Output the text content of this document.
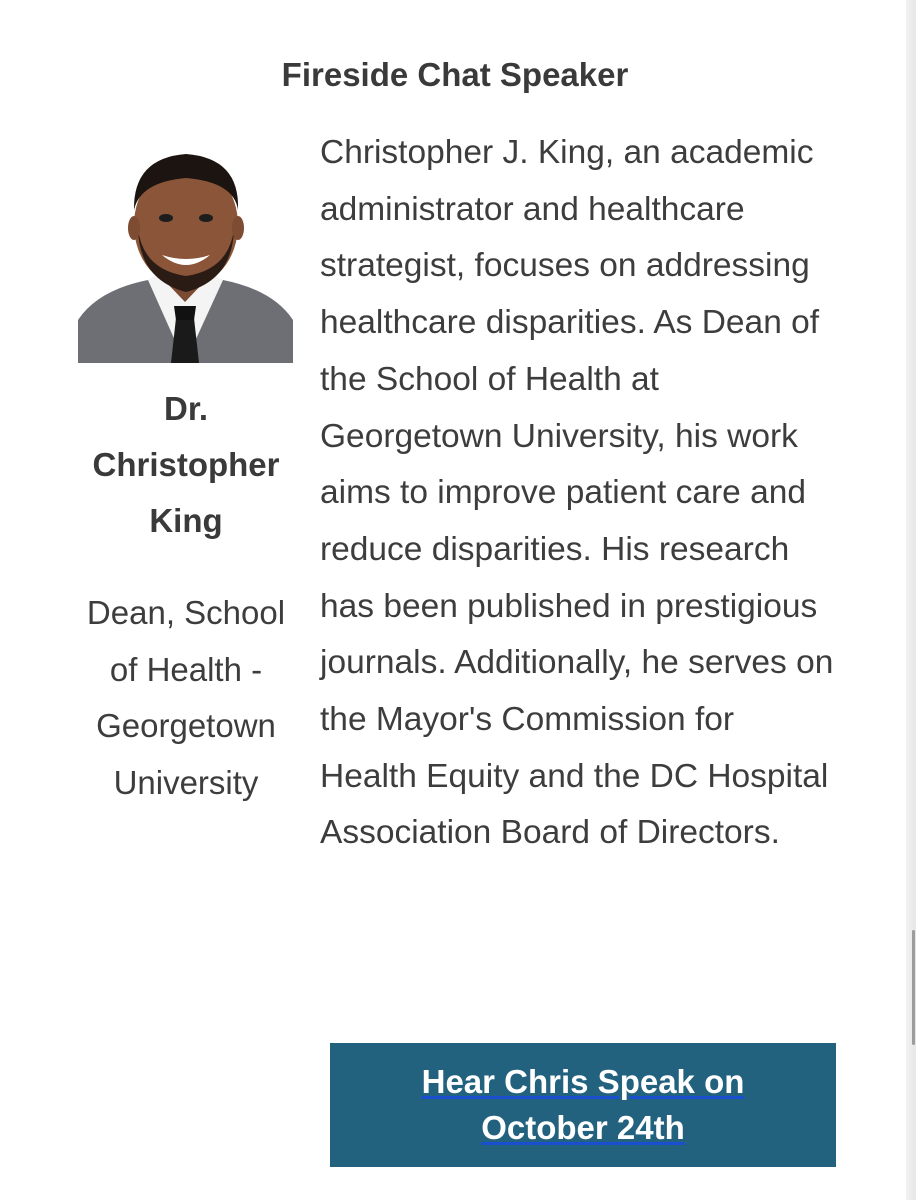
Fireside Chat Speaker
Dr. Christopher King
Dean, School of Health - Georgetown University
Christopher J. King, an academic administrator and healthcare strategist, focuses on addressing healthcare disparities. As Dean of the School of Health at Georgetown University, his work aims to improve patient care and reduce disparities. His research has been published in prestigious journals. Additionally, he serves on the Mayor's Commission for Health Equity and the DC Hospital Association Board of Directors.
Hear Chris Speak on October 24th
